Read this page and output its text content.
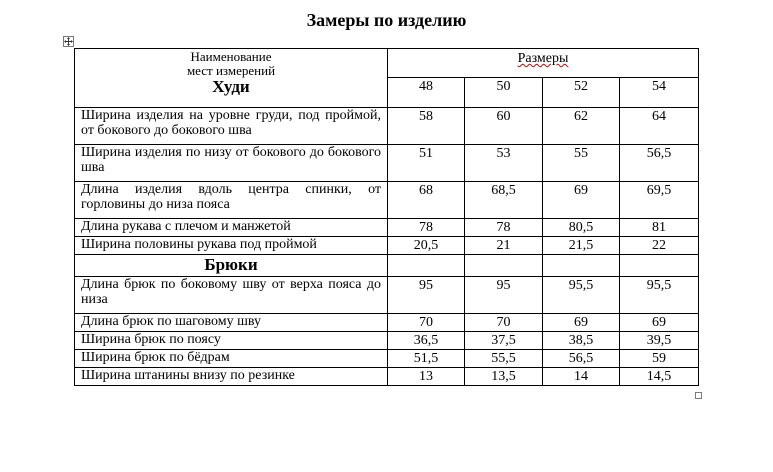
Замеры по изделию
Наименование
мест измерений
Худи	Размеры			
	48	50	52	54
Ширина изделия на уровне груди, под проймой, от бокового до бокового шва	58	60	62	64
Ширина изделия по низу от бокового до бокового шва	51	53	55	56,5
Длина изделия вдоль центра спинки, от горловины до низа пояса	68	68,5	69	69,5
Длина рукава с плечом и манжетой	78	78	80,5	81
Ширина половины рукава под проймой	20,5	21	21,5	22
Брюки				
Длина брюк по боковому шву от верха пояса до низа	95	95	95,5	95,5
Длина брюк по шаговому шву	70	70	69	69
Ширина брюк по поясу	36,5	37,5	38,5	39,5
Ширина брюк по бёдрам	51,5	55,5	56,5	59
Ширина штанины внизу по резинке	13	13,5	14	14,5
